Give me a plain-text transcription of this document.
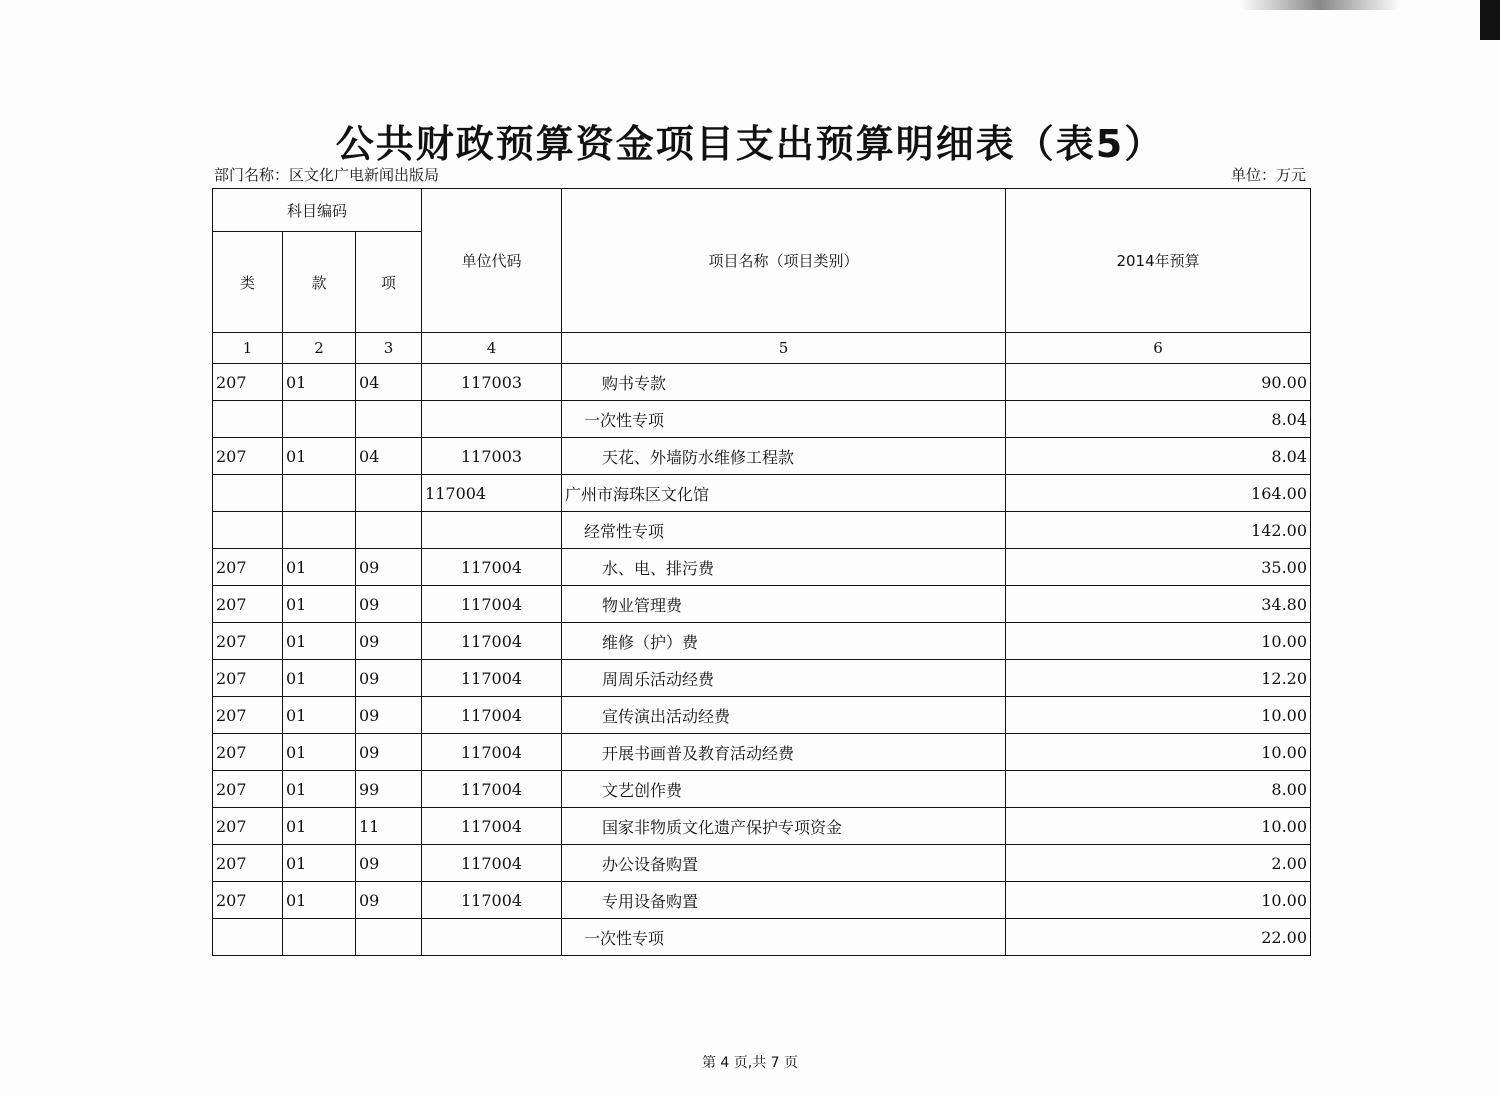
公共财政预算资金项目支出预算明细表（表5）
部门名称：区文化广电新闻出版局	单位：万元
科目编码			单位代码	项目名称（项目类别）	2014年预算
类	款	项			
1	2	3	4	5	6
207	01	04	117003	购书专款	90.00
				一次性专项	8.04
207	01	04	117003	天花、外墙防水维修工程款	8.04
			117004	广州市海珠区文化馆	164.00
				经常性专项	142.00
207	01	09	117004	水、电、排污费	35.00
207	01	09	117004	物业管理费	34.80
207	01	09	117004	维修（护）费	10.00
207	01	09	117004	周周乐活动经费	12.20
207	01	09	117004	宣传演出活动经费	10.00
207	01	09	117004	开展书画普及教育活动经费	10.00
207	01	99	117004	文艺创作费	8.00
207	01	11	117004	国家非物质文化遗产保护专项资金	10.00
207	01	09	117004	办公设备购置	2.00
207	01	09	117004	专用设备购置	10.00
				一次性专项	22.00
第 4 页,共 7 页
